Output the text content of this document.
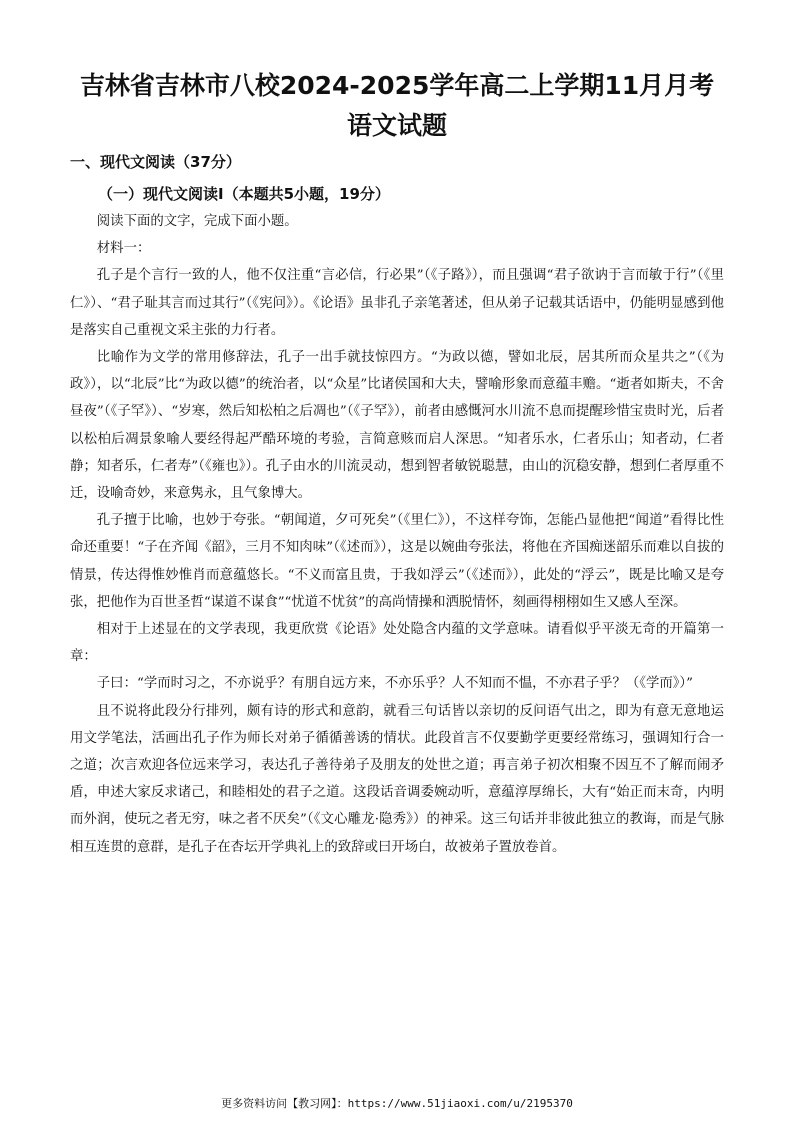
吉林省吉林市八校2024-2025学年高二上学期11月月考语文试题
一、现代文阅读（37分）
（一）现代文阅读Ⅰ（本题共5小题，19分）

阅读下面的文字，完成下面小题。

材料一：

孔子是个言行一致的人，他不仅注重“言必信，行必果”（《子路》），而且强调“君子欲讷于言而敏于行”（《里仁》）、“君子耻其言而过其行”（《宪问》）。《论语》虽非孔子亲笔著述，但从弟子记载其话语中，仍能明显感到他是落实自己重视文采主张的力行者。

比喻作为文学的常用修辞法，孔子一出手就技惊四方。“为政以德，譬如北辰，居其所而众星共之”（《为政》），以“北辰”比“为政以德”的统治者，以“众星”比诸侯国和大夫，譬喻形象而意蕴丰赡。“逝者如斯夫，不舍昼夜”（《子罕》）、“岁寒，然后知松柏之后凋也”（《子罕》），前者由感慨河水川流不息而提醒珍惜宝贵时光，后者以松柏后凋景象喻人要经得起严酷环境的考验，言简意赅而启人深思。“知者乐水，仁者乐山；知者动，仁者静；知者乐，仁者寿”（《雍也》）。孔子由水的川流灵动，想到智者敏锐聪慧，由山的沉稳安静，想到仁者厚重不迁，设喻奇妙，来意隽永，且气象博大。

孔子擅于比喻，也妙于夸张。“朝闻道，夕可死矣”（《里仁》），不这样夸饰，怎能凸显他把“闻道”看得比性命还重要！“子在齐闻《韶》，三月不知肉味”（《述而》），这是以婉曲夸张法，将他在齐国痴迷韶乐而难以自拔的情景，传达得惟妙惟肖而意蕴悠长。“不义而富且贵，于我如浮云”（《述而》），此处的“浮云”，既是比喻又是夸张，把他作为百世圣哲“谋道不谋食”“忧道不忧贫”的高尚情操和洒脱情怀，刻画得栩栩如生又感人至深。

相对于上述显在的文学表现，我更欣赏《论语》处处隐含内蕴的文学意味。请看似乎平淡无奇的开篇第一章：

子曰：“学而时习之，不亦说乎？有朋自远方来，不亦乐乎？人不知而不愠，不亦君子乎？（《学而》）”

且不说将此段分行排列，颇有诗的形式和意韵，就看三句话皆以亲切的反问语气出之，即为有意无意地运用文学笔法，活画出孔子作为师长对弟子循循善诱的情状。此段首言不仅要勤学更要经常练习，强调知行合一之道；次言欢迎各位远来学习，表达孔子善待弟子及朋友的处世之道；再言弟子初次相聚不因互不了解而闹矛盾，申述大家反求诸己，和睦相处的君子之道。这段话音调委婉动听，意蕴淳厚绵长，大有“始正而末奇，内明而外润，使玩之者无穷，味之者不厌矣”（《文心雕龙·隐秀》）的神采。这三句话并非彼此独立的教诲，而是气脉相互连贯的意群，是孔子在杏坛开学典礼上的致辞或曰开场白，故被弟子置放卷首。

更多资料访问【教习网】：https://www.51jiaoxi.com/u/2195370
